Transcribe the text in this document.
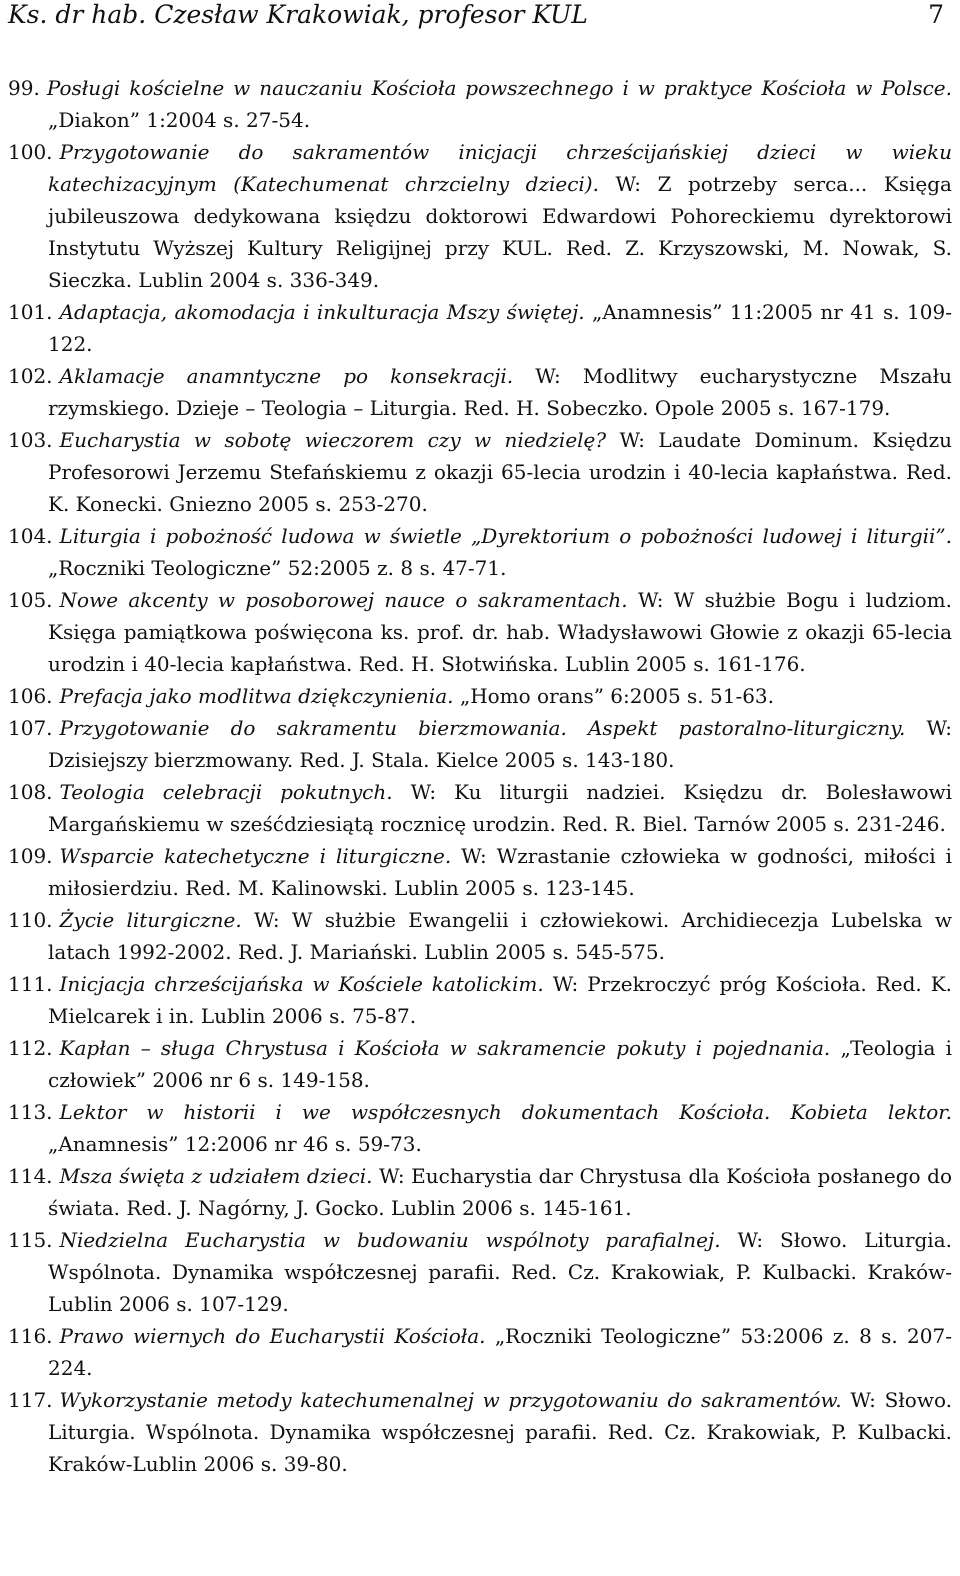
Ks. dr hab. Czesław Krakowiak, profesor KUL	7

99. Posługi kościelne w nauczaniu Kościoła powszechnego i w praktyce Kościoła w Polsce. „Diakon” 1:2004 s. 27-54.

100. Przygotowanie do sakramentów inicjacji chrześcijańskiej dzieci w wieku katechizacyjnym (Katechumenat chrzcielny dzieci). W: Z potrzeby serca... Księga jubileuszowa dedykowana księdzu doktorowi Edwardowi Pohoreckiemu dyrektorowi Instytutu Wyższej Kultury Religijnej przy KUL. Red. Z. Krzyszowski, M. Nowak, S. Sieczka. Lublin 2004 s. 336-349.

101. Adaptacja, akomodacja i inkulturacja Mszy świętej. „Anamnesis” 11:2005 nr 41 s. 109-122.

102. Aklamacje anamntyczne po konsekracji. W: Modlitwy eucharystyczne Mszału rzymskiego. Dzieje – Teologia – Liturgia. Red. H. Sobeczko. Opole 2005 s. 167-179.

103. Eucharystia w sobotę wieczorem czy w niedzielę? W: Laudate Dominum. Księdzu Profesorowi Jerzemu Stefańskiemu z okazji 65-lecia urodzin i 40-lecia kapłaństwa. Red. K. Konecki. Gniezno 2005 s. 253-270.

104. Liturgia i pobożność ludowa w świetle „Dyrektorium o pobożności ludowej i liturgii”. „Roczniki Teologiczne” 52:2005 z. 8 s. 47-71.

105. Nowe akcenty w posoborowej nauce o sakramentach. W: W służbie Bogu i ludziom. Księga pamiątkowa poświęcona ks. prof. dr. hab. Władysławowi Głowie z okazji 65-lecia urodzin i 40-lecia kapłaństwa. Red. H. Słotwińska. Lublin 2005 s. 161-176.

106. Prefacja jako modlitwa dziękczynienia. „Homo orans” 6:2005 s. 51-63.

107. Przygotowanie do sakramentu bierzmowania. Aspekt pastoralno-liturgiczny. W: Dzisiejszy bierzmowany. Red. J. Stala. Kielce 2005 s. 143-180.

108. Teologia celebracji pokutnych. W: Ku liturgii nadziei. Księdzu dr. Bolesławowi Margańskiemu w sześćdziesiątą rocznicę urodzin. Red. R. Biel. Tarnów 2005 s. 231-246.

109. Wsparcie katechetyczne i liturgiczne. W: Wzrastanie człowieka w godności, miłości i miłosierdziu. Red. M. Kalinowski. Lublin 2005 s. 123-145.

110. Życie liturgiczne. W: W służbie Ewangelii i człowiekowi. Archidiecezja Lubelska w latach 1992-2002. Red. J. Mariański. Lublin 2005 s. 545-575.

111. Inicjacja chrześcijańska w Kościele katolickim. W: Przekroczyć próg Kościoła. Red. K. Mielcarek i in. Lublin 2006 s. 75-87.

112. Kapłan – sługa Chrystusa i Kościoła w sakramencie pokuty i pojednania. „Teologia i człowiek” 2006 nr 6 s. 149-158.

113. Lektor w historii i we współczesnych dokumentach Kościoła. Kobieta lektor. „Anamnesis” 12:2006 nr 46 s. 59-73.

114. Msza święta z udziałem dzieci. W: Eucharystia dar Chrystusa dla Kościoła posłanego do świata. Red. J. Nagórny, J. Gocko. Lublin 2006 s. 145-161.

115. Niedzielna Eucharystia w budowaniu wspólnoty parafialnej. W: Słowo. Liturgia. Wspólnota. Dynamika współczesnej parafii. Red. Cz. Krakowiak, P. Kulbacki. Kraków-Lublin 2006 s. 107-129.

116. Prawo wiernych do Eucharystii Kościoła. „Roczniki Teologiczne” 53:2006 z. 8 s. 207-224.

117. Wykorzystanie metody katechumenalnej w przygotowaniu do sakramentów. W: Słowo. Liturgia. Wspólnota. Dynamika współczesnej parafii. Red. Cz. Krakowiak, P. Kulbacki. Kraków-Lublin 2006 s. 39-80.
